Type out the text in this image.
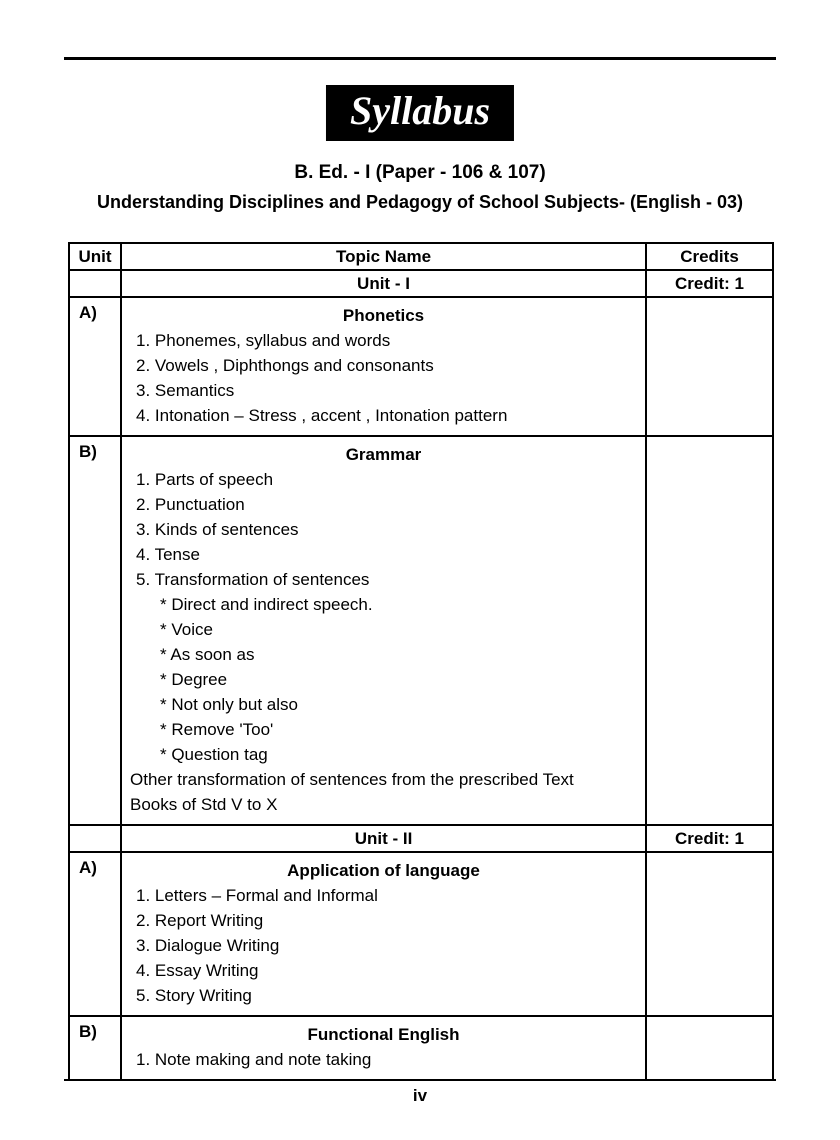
Syllabus
B. Ed. - I (Paper - 106 & 107)
Understanding Disciplines and Pedagogy of School Subjects- (English - 03)
Unit	Topic Name	Credits
	Unit - I	Credit: 1
A)	Phonetics
1. Phonemes, syllabus and words
2. Vowels , Diphthongs and consonants
3. Semantics
4. Intonation – Stress , accent , Intonation pattern	

B)	Grammar
1. Parts of speech
2. Punctuation
3. Kinds of sentences
4. Tense
5. Transformation of sentences
* Direct and indirect speech.
* Voice
* As soon as
* Degree
* Not only but also
* Remove 'Too'
* Question tag
Other transformation of sentences from the prescribed Text Books of Std V to X

	Unit - II	Credit: 1
A)	Application of language
1. Letters – Formal and Informal
2. Report Writing
3. Dialogue Writing
4. Essay Writing
5. Story Writing

B)	Functional English
1. Note making and note taking	

iv
